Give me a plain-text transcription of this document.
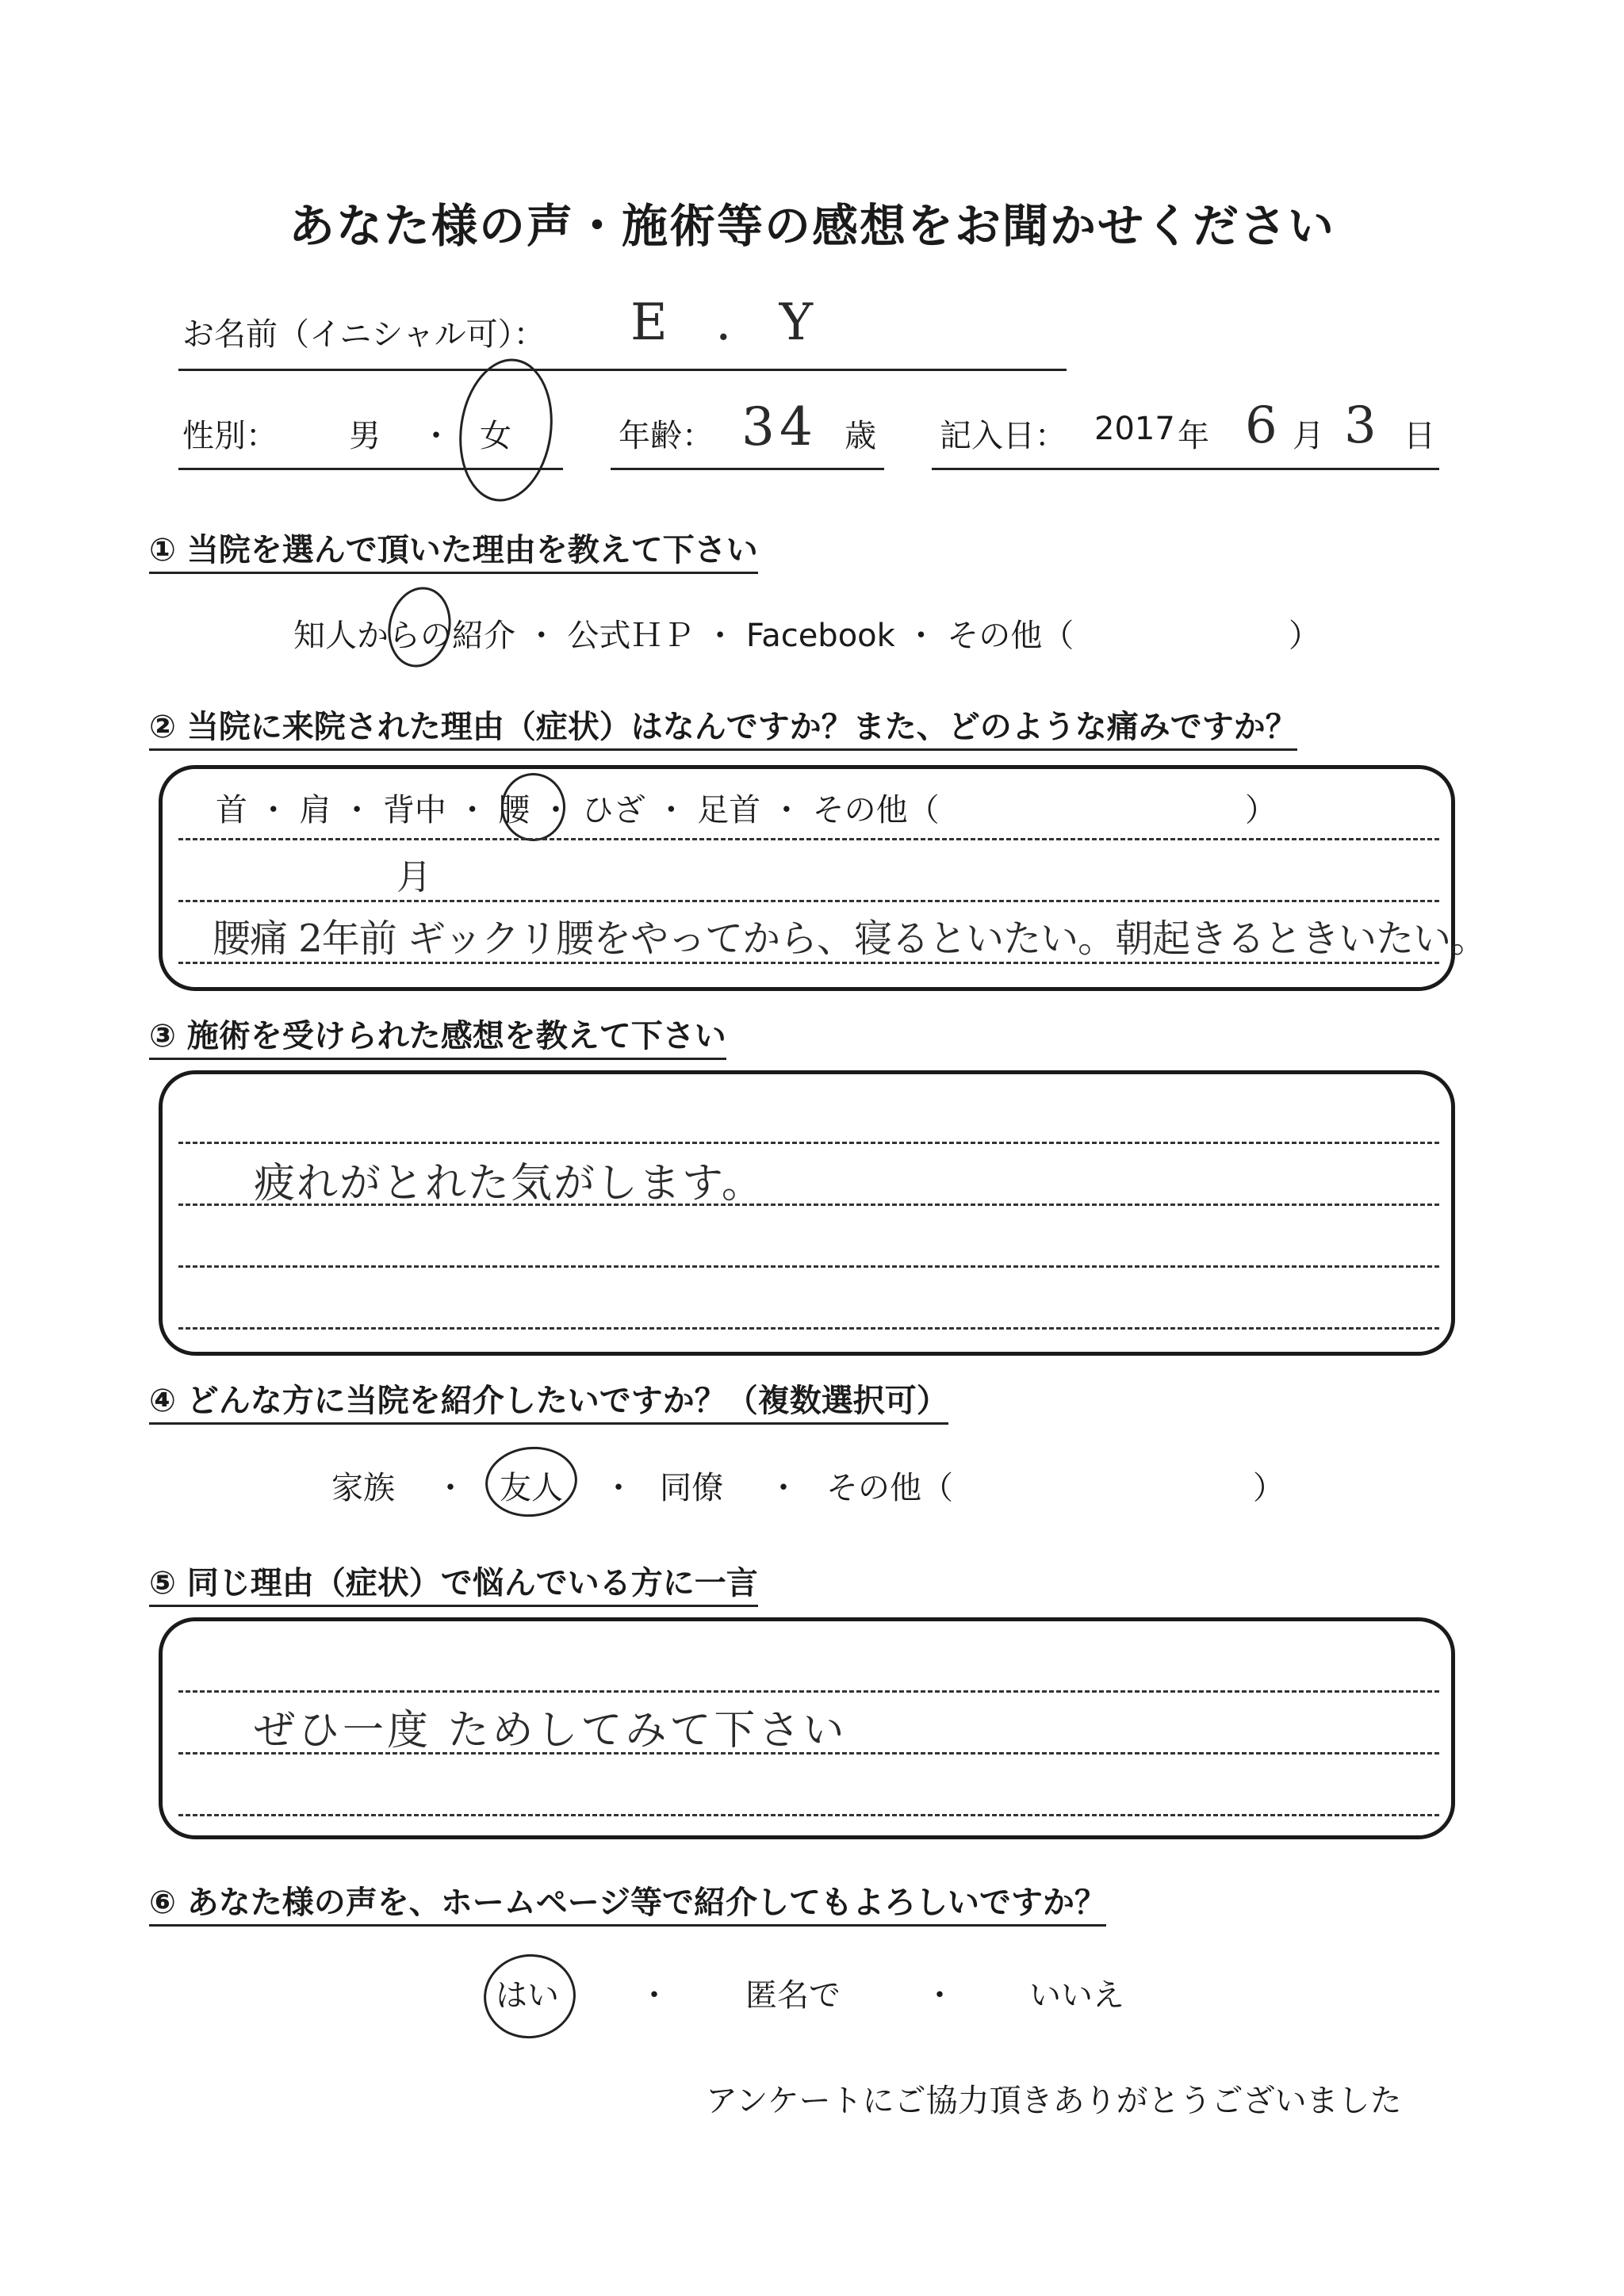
あなた様の声・施術等の感想をお聞かせください
お名前（イニシャル可）： E . Y
性別： 男 ・ 女	年齢： 34 歳 記入日： 2017 年 6 月 3 日
① 当院を選んで頂いた理由を教えて下さい
知人からの紹介 ・ 公式ＨＰ ・ Facebook ・ その他（	）
② 当院に来院された理由（症状）はなんですか？また、どのような痛みですか？
首 ・ 肩 ・ 背中 ・ 腰 ・ ひざ ・ 足首 ・ その他（	）
月
腰痛 2年前 ギックリ腰をやってから、寝るといたい。朝起きるときいたい。
③ 施術を受けられた感想を教えて下さい
疲れがとれた気がします。
④ どんな方に当院を紹介したいですか？（複数選択可）
家族 ・ 友人 ・ 同僚 ・ その他（	）
⑤ 同じ理由（症状）で悩んでいる方に一言
ぜひ一度 ためしてみて下さい
⑥ あなた様の声を、ホームページ等で紹介してもよろしいですか？
はい	・ 匿名で	・ いいえ
アンケートにご協力頂きありがとうございました
